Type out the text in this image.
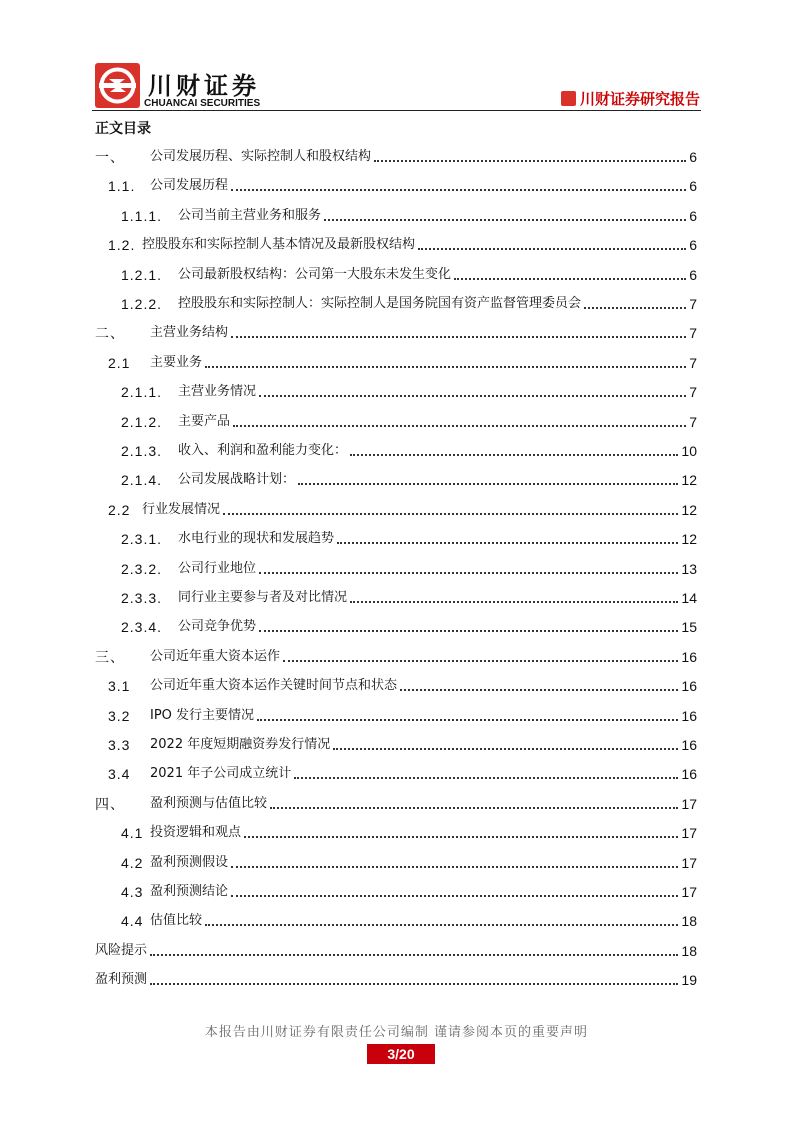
川财证券
CHUANCAI SECURITIES	川财证券研究报告
正文目录
一、 公司发展历程、实际控制人和股权结构	6
1.1. 公司发展历程	6
1.1.1. 公司当前主营业务和服务	6
1.2. 控股股东和实际控制人基本情况及最新股权结构	6
1.2.1. 公司最新股权结构：公司第一大股东未发生变化	6
1.2.2. 控股股东和实际控制人：实际控制人是国务院国有资产监督管理委员会	7
二、 主营业务结构	7
2.1 主要业务	7
2.1.1. 主营业务情况	7
2.1.2. 主要产品	7
2.1.3. 收入、利润和盈利能力变化：	10
2.1.4. 公司发展战略计划：	12
2.2 行业发展情况	12
2.3.1. 水电行业的现状和发展趋势	12
2.3.2. 公司行业地位	13
2.3.3. 同行业主要参与者及对比情况	14
2.3.4. 公司竞争优势	15
三、 公司近年重大资本运作	16
3.1 公司近年重大资本运作关键时间节点和状态	16
3.2 IPO 发行主要情况	16
3.3 2022 年度短期融资券发行情况	16
3.4 2021 年子公司成立统计	16
四、 盈利预测与估值比较	17
4.1 投资逻辑和观点	17
4.2 盈利预测假设	17
4.3 盈利预测结论	17
4.4 估值比较	18
风险提示	18
盈利预测	19
本报告由川财证券有限责任公司编制 谨请参阅本页的重要声明
3/20
